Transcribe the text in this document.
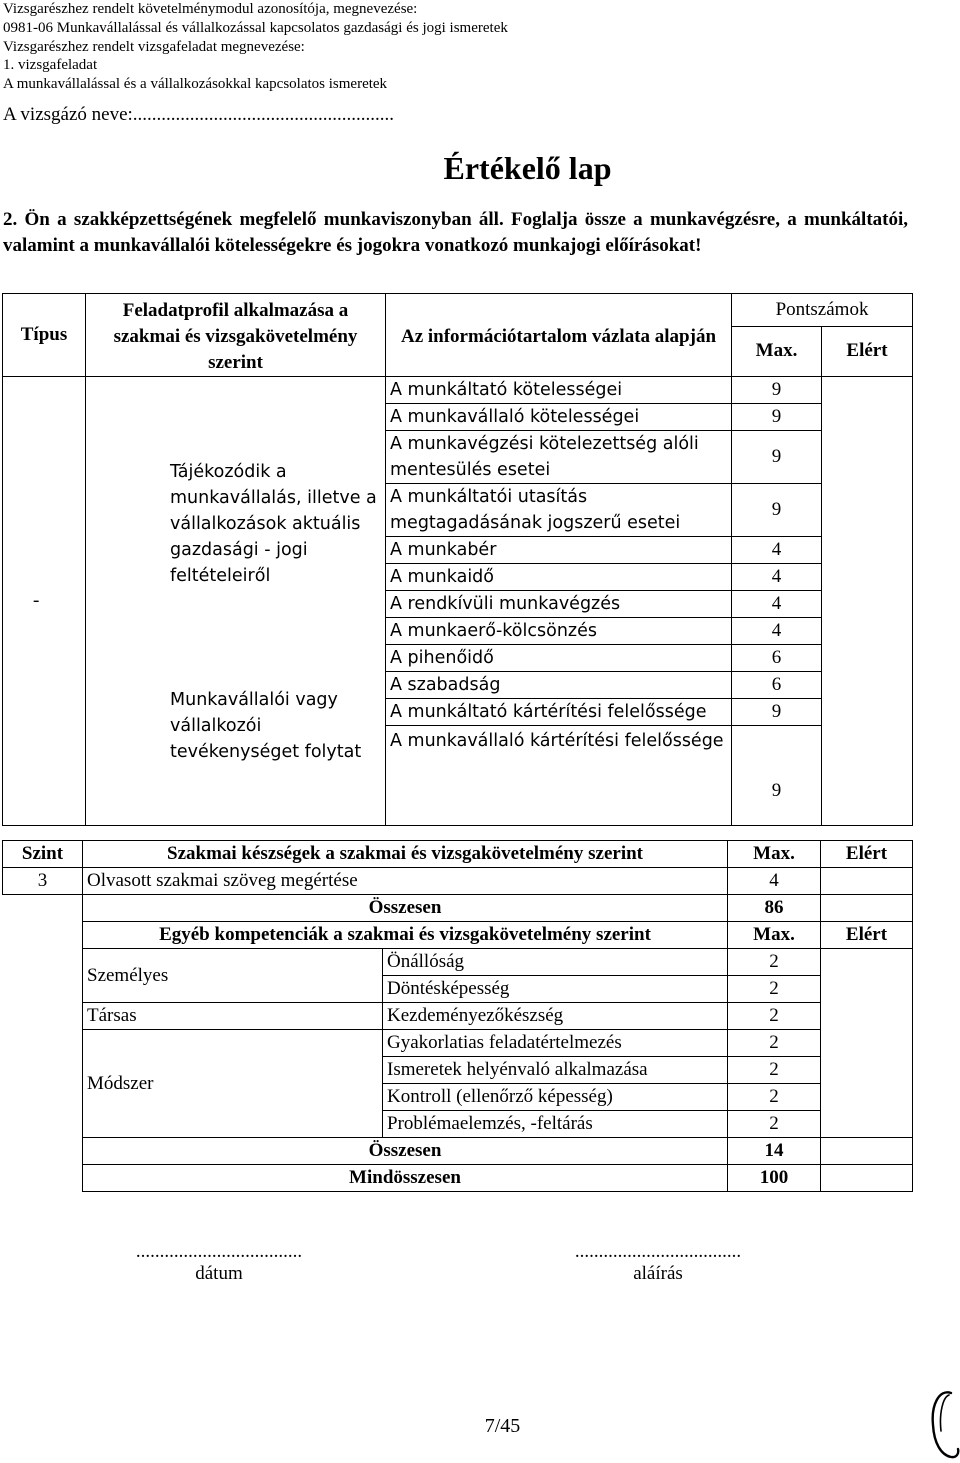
Vizsgarészhez rendelt követelménymodul azonosítója, megnevezése:
0981-06 Munkavállalással és vállalkozással kapcsolatos gazdasági és jogi ismeretek
Vizsgarészhez rendelt vizsgafeladat megnevezése:
1. vizsgafeladat
A munkavállalással és a vállalkozásokkal kapcsolatos ismeretek
A vizsgázó neve:.......................................................
Értékelő lap
2. Ön a szakképzettségének megfelelő munkaviszonyban áll. Foglalja össze a munkavégzésre, a munkáltatói, valamint a munkavállalói kötelességekre és jogokra vonatkozó munkajogi előírásokat!
Típus	Feladatprofil alkalmazása a szakmai és vizsgakövetelmény szerint	Az információtartalom vázlata alapján	Pontszámok	
			Max.	Elért
-	Tájékozódik a munkavállalás, illetve a vállalkozások aktuális gazdasági - jogi feltételeiről	A munkáltató kötelességei	9	
		A munkavállaló kötelességei	9	
		A munkavégzési kötelezettség alóli mentesülés esetei	9	
		A munkáltatói utasítás megtagadásának jogszerű esetei	9	
		A munkabér	4	
		A munkaidő	4	
	Munkavállalói vagy vállalkozói tevékenységet folytat	A rendkívüli munkavégzés	4	
		A munkaerő-kölcsönzés	4	
		A pihenőidő	6	
		A szabadság	6	
		A munkáltató kártérítési felelőssége	9	
		A munkavállaló kártérítési felelőssége	9	
Szint	Szakmai készségek a szakmai és vizsgakövetelmény szerint		Max.	Elért
3	Olvasott szakmai szöveg megértése		4	
	Összesen		86	
	Egyéb kompetenciák a szakmai és vizsgakövetelmény szerint		Max.	Elért
	Személyes	Önállóság	2	
		Döntésképesség	2	
	Társas	Kezdeményezőkészség	2	
	Módszer	Gyakorlatias feladatértelmezés	2	
		Ismeretek helyénvaló alkalmazása	2	
		Kontroll (ellenőrző képesség)	2	
		Problémaelemzés, -feltárás	2	
	Összesen		14	
	Mindösszesen		100	
...................................
dátum
...................................
aláírás
7/45
